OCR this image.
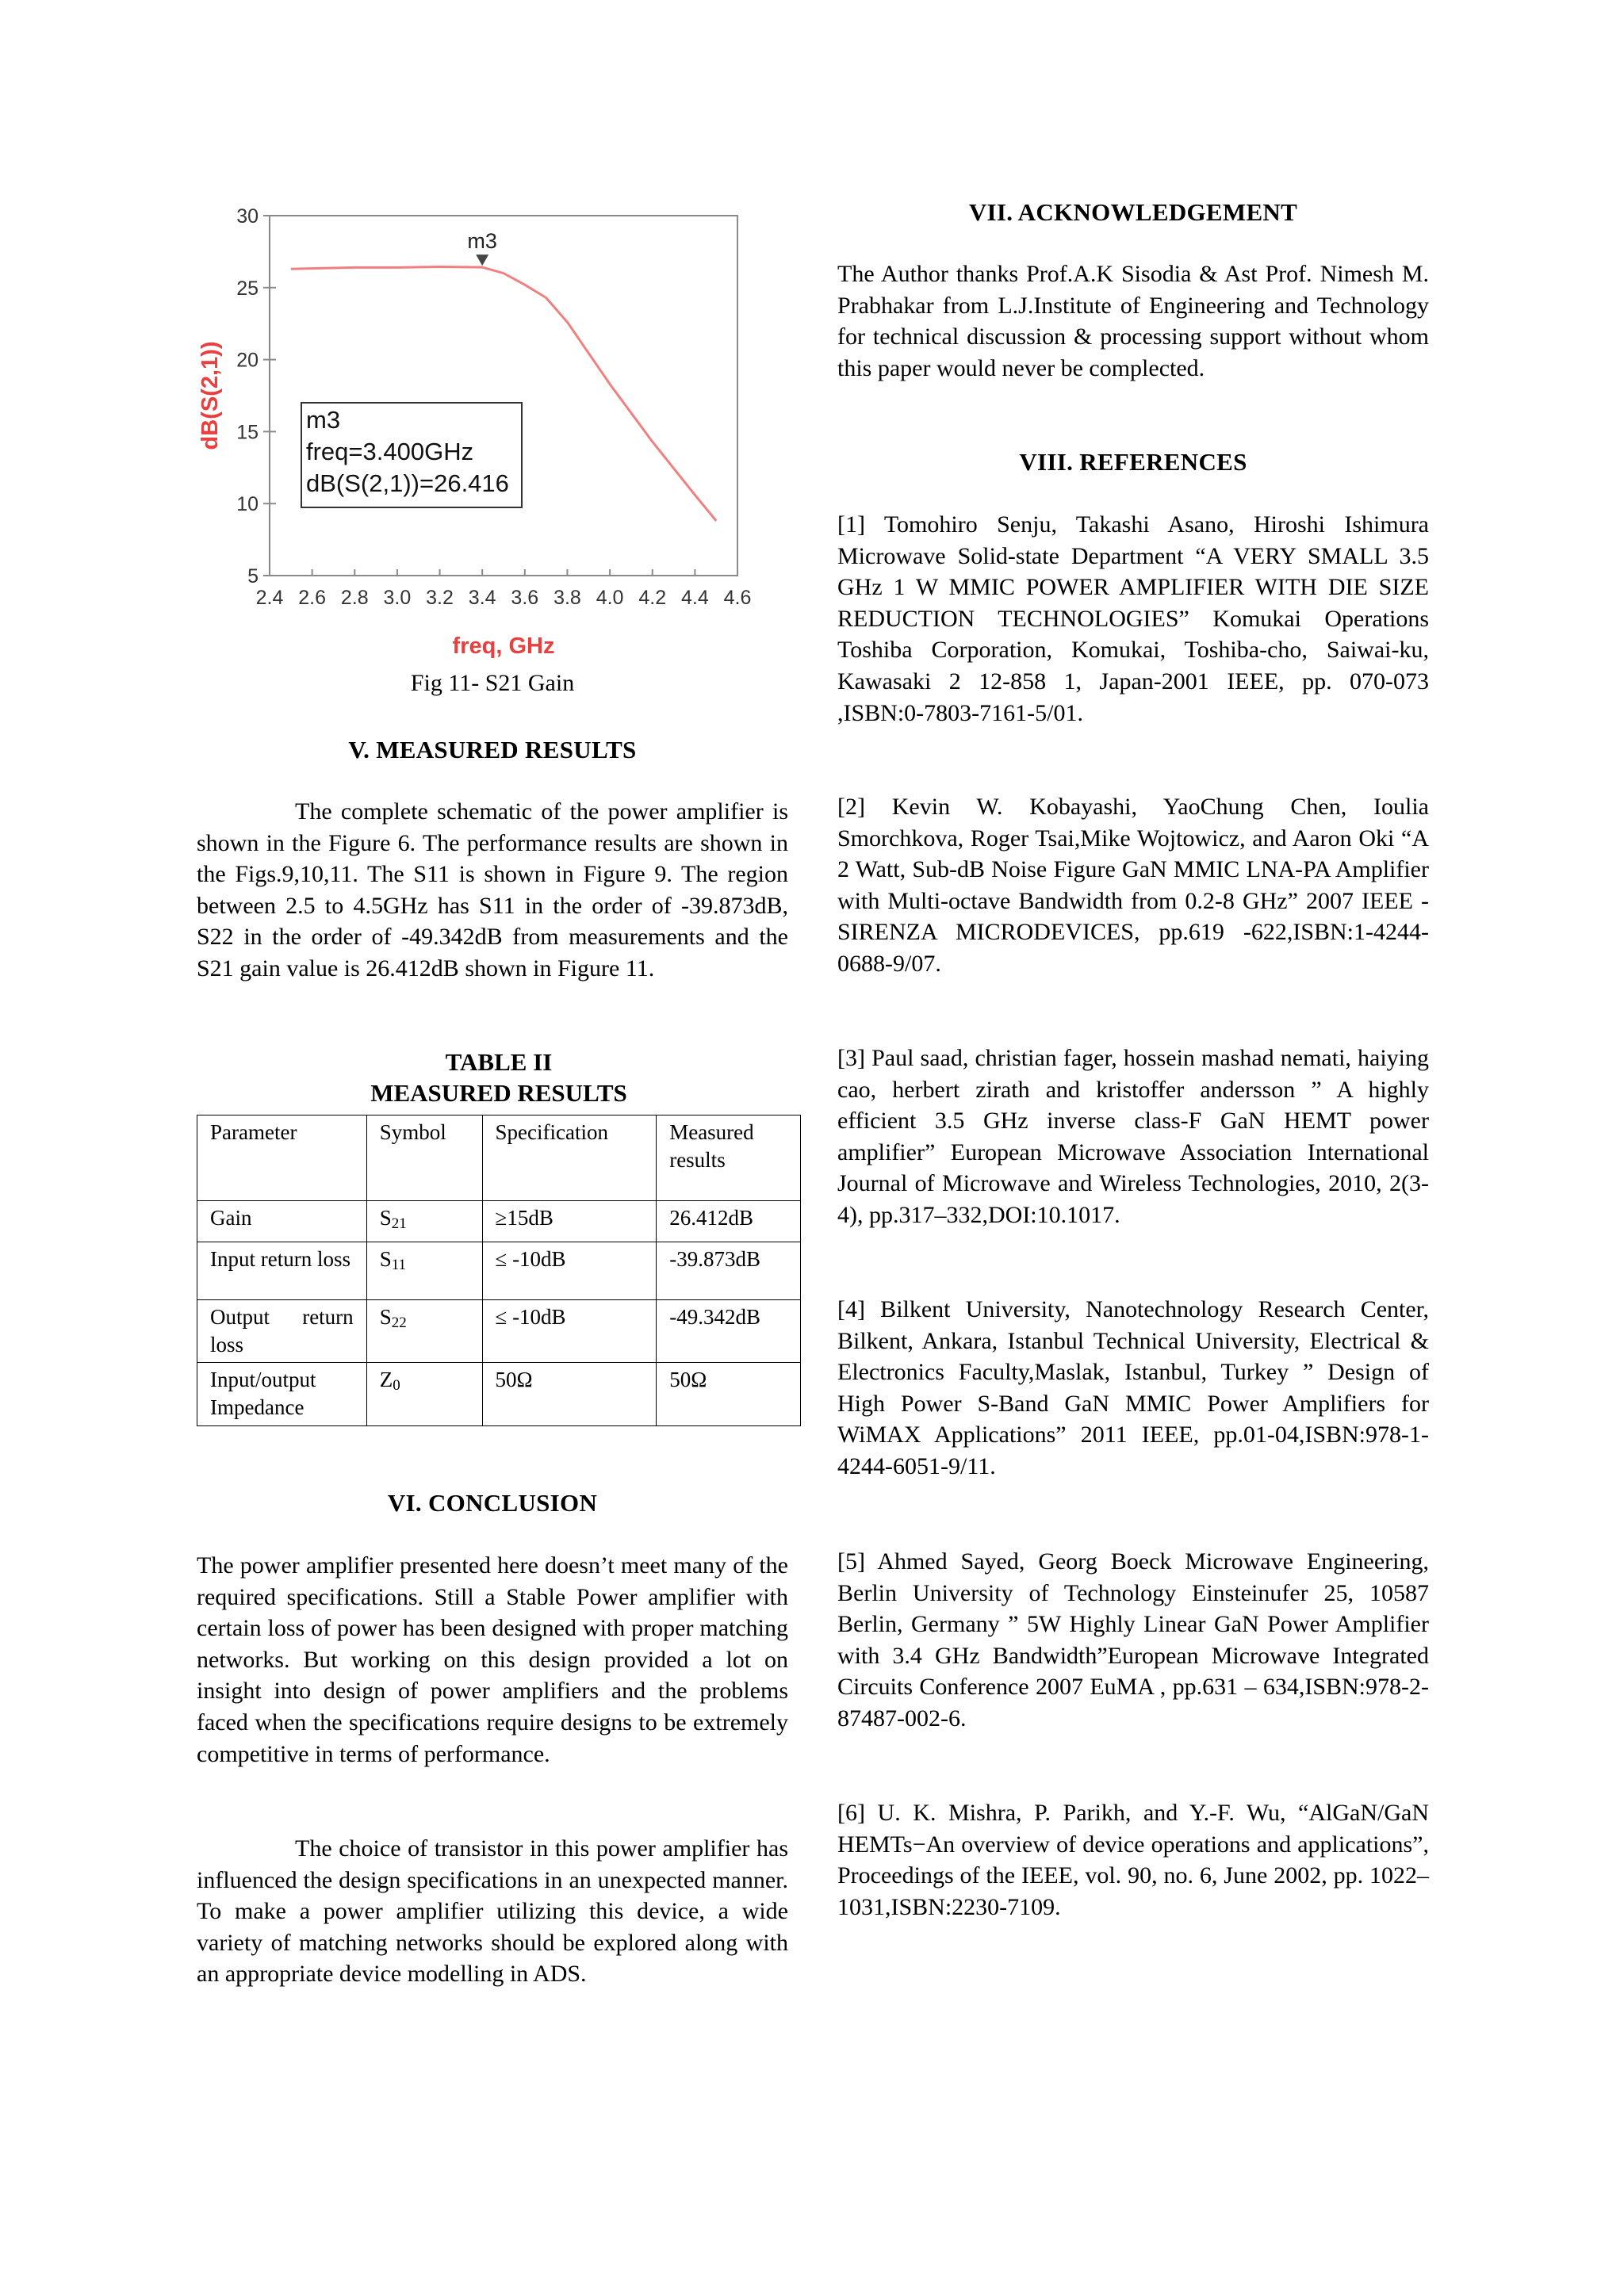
2.4 2.6 2.8 3.0 3.2 3.4 3.6 3.8 4.0 4.2 4.4 4.6
5
10
15
20
25
30
freq, GHz
dB(S(2,1))
m3
m3
freq=3.400GHz
dB(S(2,1))=26.416
Fig 11- S21 Gain
V. MEASURED RESULTS
The complete schematic of the power amplifier is shown in the Figure 6. The performance results are shown in the Figs.9,10,11. The S11 is shown in Figure 9. The region between 2.5 to 4.5GHz has S11 in the order of -39.873dB, S22 in the order of -49.342dB from measurements and the S21 gain value is 26.412dB shown in Figure 11.
TABLE II
MEASURED RESULTS
Parameter	Symbol	Specification	Measured results
Gain	$S_{21}$	≥15dB	26.412dB
Input return loss	$S_{11}$	≤ -10dB	-39.873dB
Output return loss	$S_{22}$	≤ -10dB	-49.342dB
Input/output Impedance	$Z_0$	50Ω	50Ω
VI. CONCLUSION
The power amplifier presented here doesn’t meet many of the required specifications. Still a Stable Power amplifier with certain loss of power has been designed with proper matching networks. But working on this design provided a lot on insight into design of power amplifiers and the problems faced when the specifications require designs to be extremely competitive in terms of performance.
The choice of transistor in this power amplifier has influenced the design specifications in an unexpected manner. To make a power amplifier utilizing this device, a wide variety of matching networks should be explored along with an appropriate device modelling in ADS.
VII. ACKNOWLEDGEMENT
The Author thanks Prof.A.K Sisodia & Ast Prof. Nimesh M. Prabhakar from L.J.Institute of Engineering and Technology for technical discussion & processing support without whom this paper would never be complected.
VIII. REFERENCES
[1] Tomohiro Senju, Takashi Asano, Hiroshi Ishimura Microwave Solid-state Department “A VERY SMALL 3.5 GHz 1 W MMIC POWER AMPLIFIER WITH DIE SIZE REDUCTION TECHNOLOGIES” Komukai Operations Toshiba Corporation, Komukai, Toshiba-cho, Saiwai-ku, Kawasaki 2 12-858 1, Japan-2001 IEEE, pp. 070-073 ,ISBN:0-7803-7161-5/01.
[2] Kevin W. Kobayashi, YaoChung Chen, Ioulia Smorchkova, Roger Tsai,Mike Wojtowicz, and Aaron Oki “A 2 Watt, Sub-dB Noise Figure GaN MMIC LNA-PA Amplifier with Multi-octave Bandwidth from 0.2-8 GHz” 2007 IEEE - SIRENZA MICRODEVICES, pp.619 -622,ISBN:1-4244-0688-9/07.
[3] Paul saad, christian fager, hossein mashad nemati, haiying cao, herbert zirath and kristoffer andersson ” A highly efficient 3.5 GHz inverse class-F GaN HEMT power amplifier” European Microwave Association International Journal of Microwave and Wireless Technologies, 2010, 2(3-4), pp.317–332,DOI:10.1017.
[4] Bilkent University, Nanotechnology Research Center, Bilkent, Ankara, Istanbul Technical University, Electrical & Electronics Faculty,Maslak, Istanbul, Turkey ” Design of High Power S-Band GaN MMIC Power Amplifiers for WiMAX Applications” 2011 IEEE, pp.01-04,ISBN:978-1-4244-6051-9/11.
[5] Ahmed Sayed, Georg Boeck Microwave Engineering, Berlin University of Technology Einsteinufer 25, 10587 Berlin, Germany ” 5W Highly Linear GaN Power Amplifier with 3.4 GHz Bandwidth”European Microwave Integrated Circuits Conference 2007 EuMA , pp.631 – 634,ISBN:978-2-87487-002-6.
[6] U. K. Mishra, P. Parikh, and Y.-F. Wu, “AlGaN/GaN HEMTs−An overview of device operations and applications”, Proceedings of the IEEE, vol. 90, no. 6, June 2002, pp. 1022–1031,ISBN:2230-7109.
